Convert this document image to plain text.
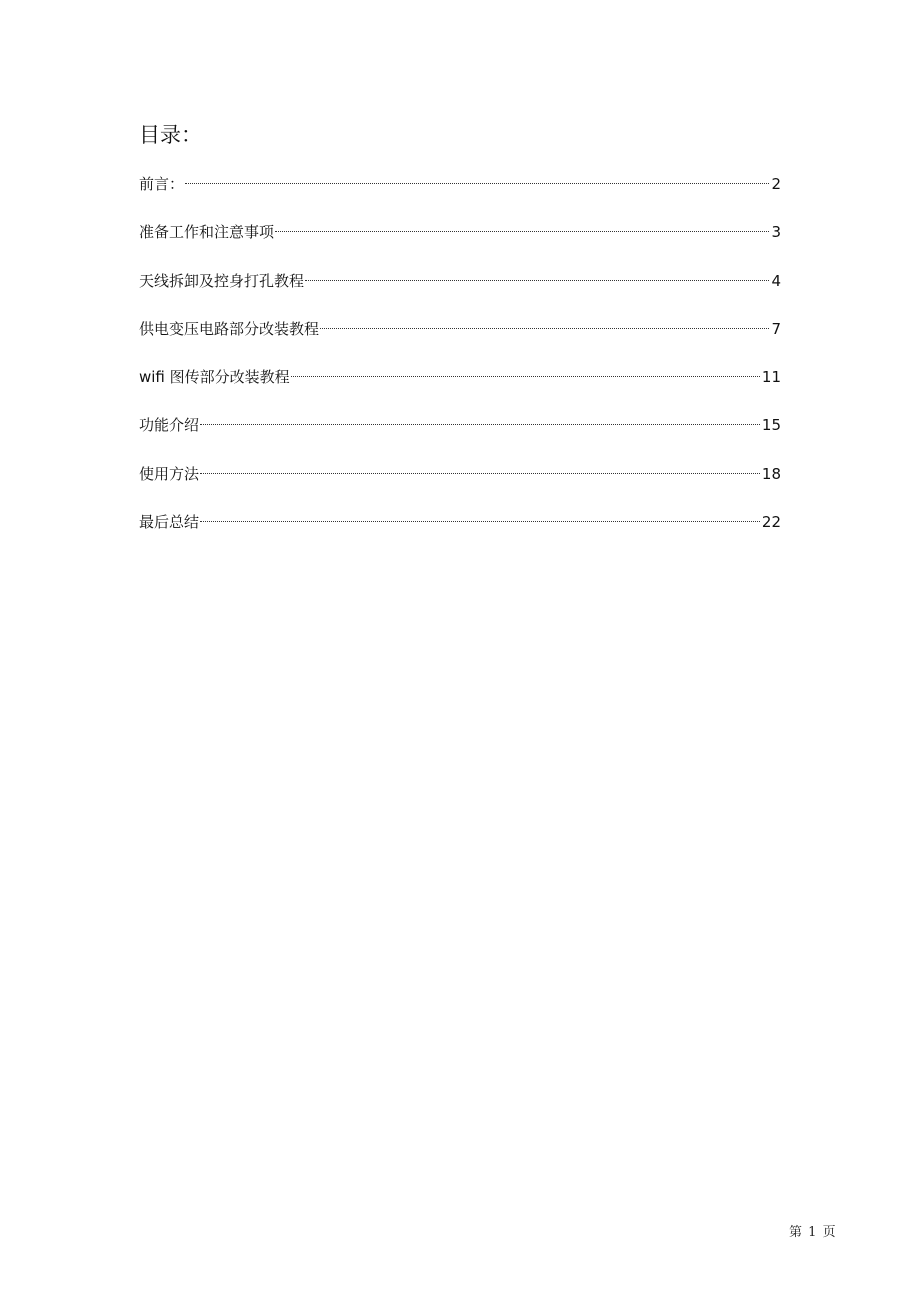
目录：
前言：	2
准备工作和注意事项	3
天线拆卸及控身打孔教程	4
供电变压电路部分改装教程	7
wifi 图传部分改装教程	11
功能介绍	15
使用方法	18
最后总结	22
第 1 页
